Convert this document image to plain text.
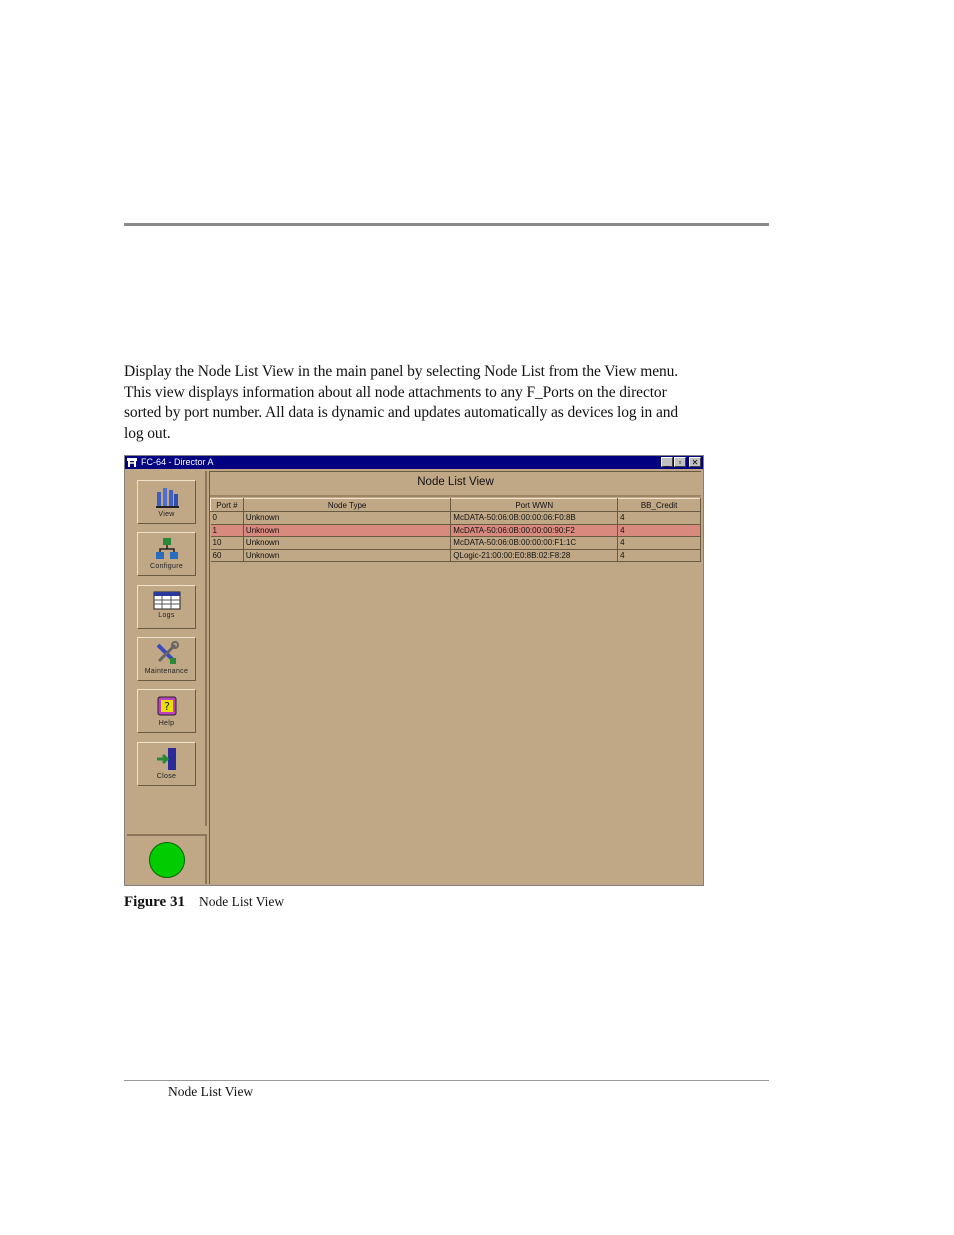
Display the Node List View in the main panel by selecting Node List from the View menu.
This view displays information about all node attachments to any F_Ports on the director
sorted by port number. All data is dynamic and updates automatically as devices log in and
log out.
FC-64 - Director A	_	▫	✕
View
Configure
Logs
Maintenance
?
Help
Close
Node List View
Port #	Node Type	Port WWN	BB_Credit
0	Unknown	McDATA-50:06:0B:00:00:06:F0:8B	4
1	Unknown	McDATA-50:06:0B:00:00:00:90:F2	4
10	Unknown	McDATA-50:06:0B:00:00:00:F1:1C	4
60	Unknown	QLogic-21:00:00:E0:8B:02:F8:28	4
Figure 31 Node List View
Node List View
